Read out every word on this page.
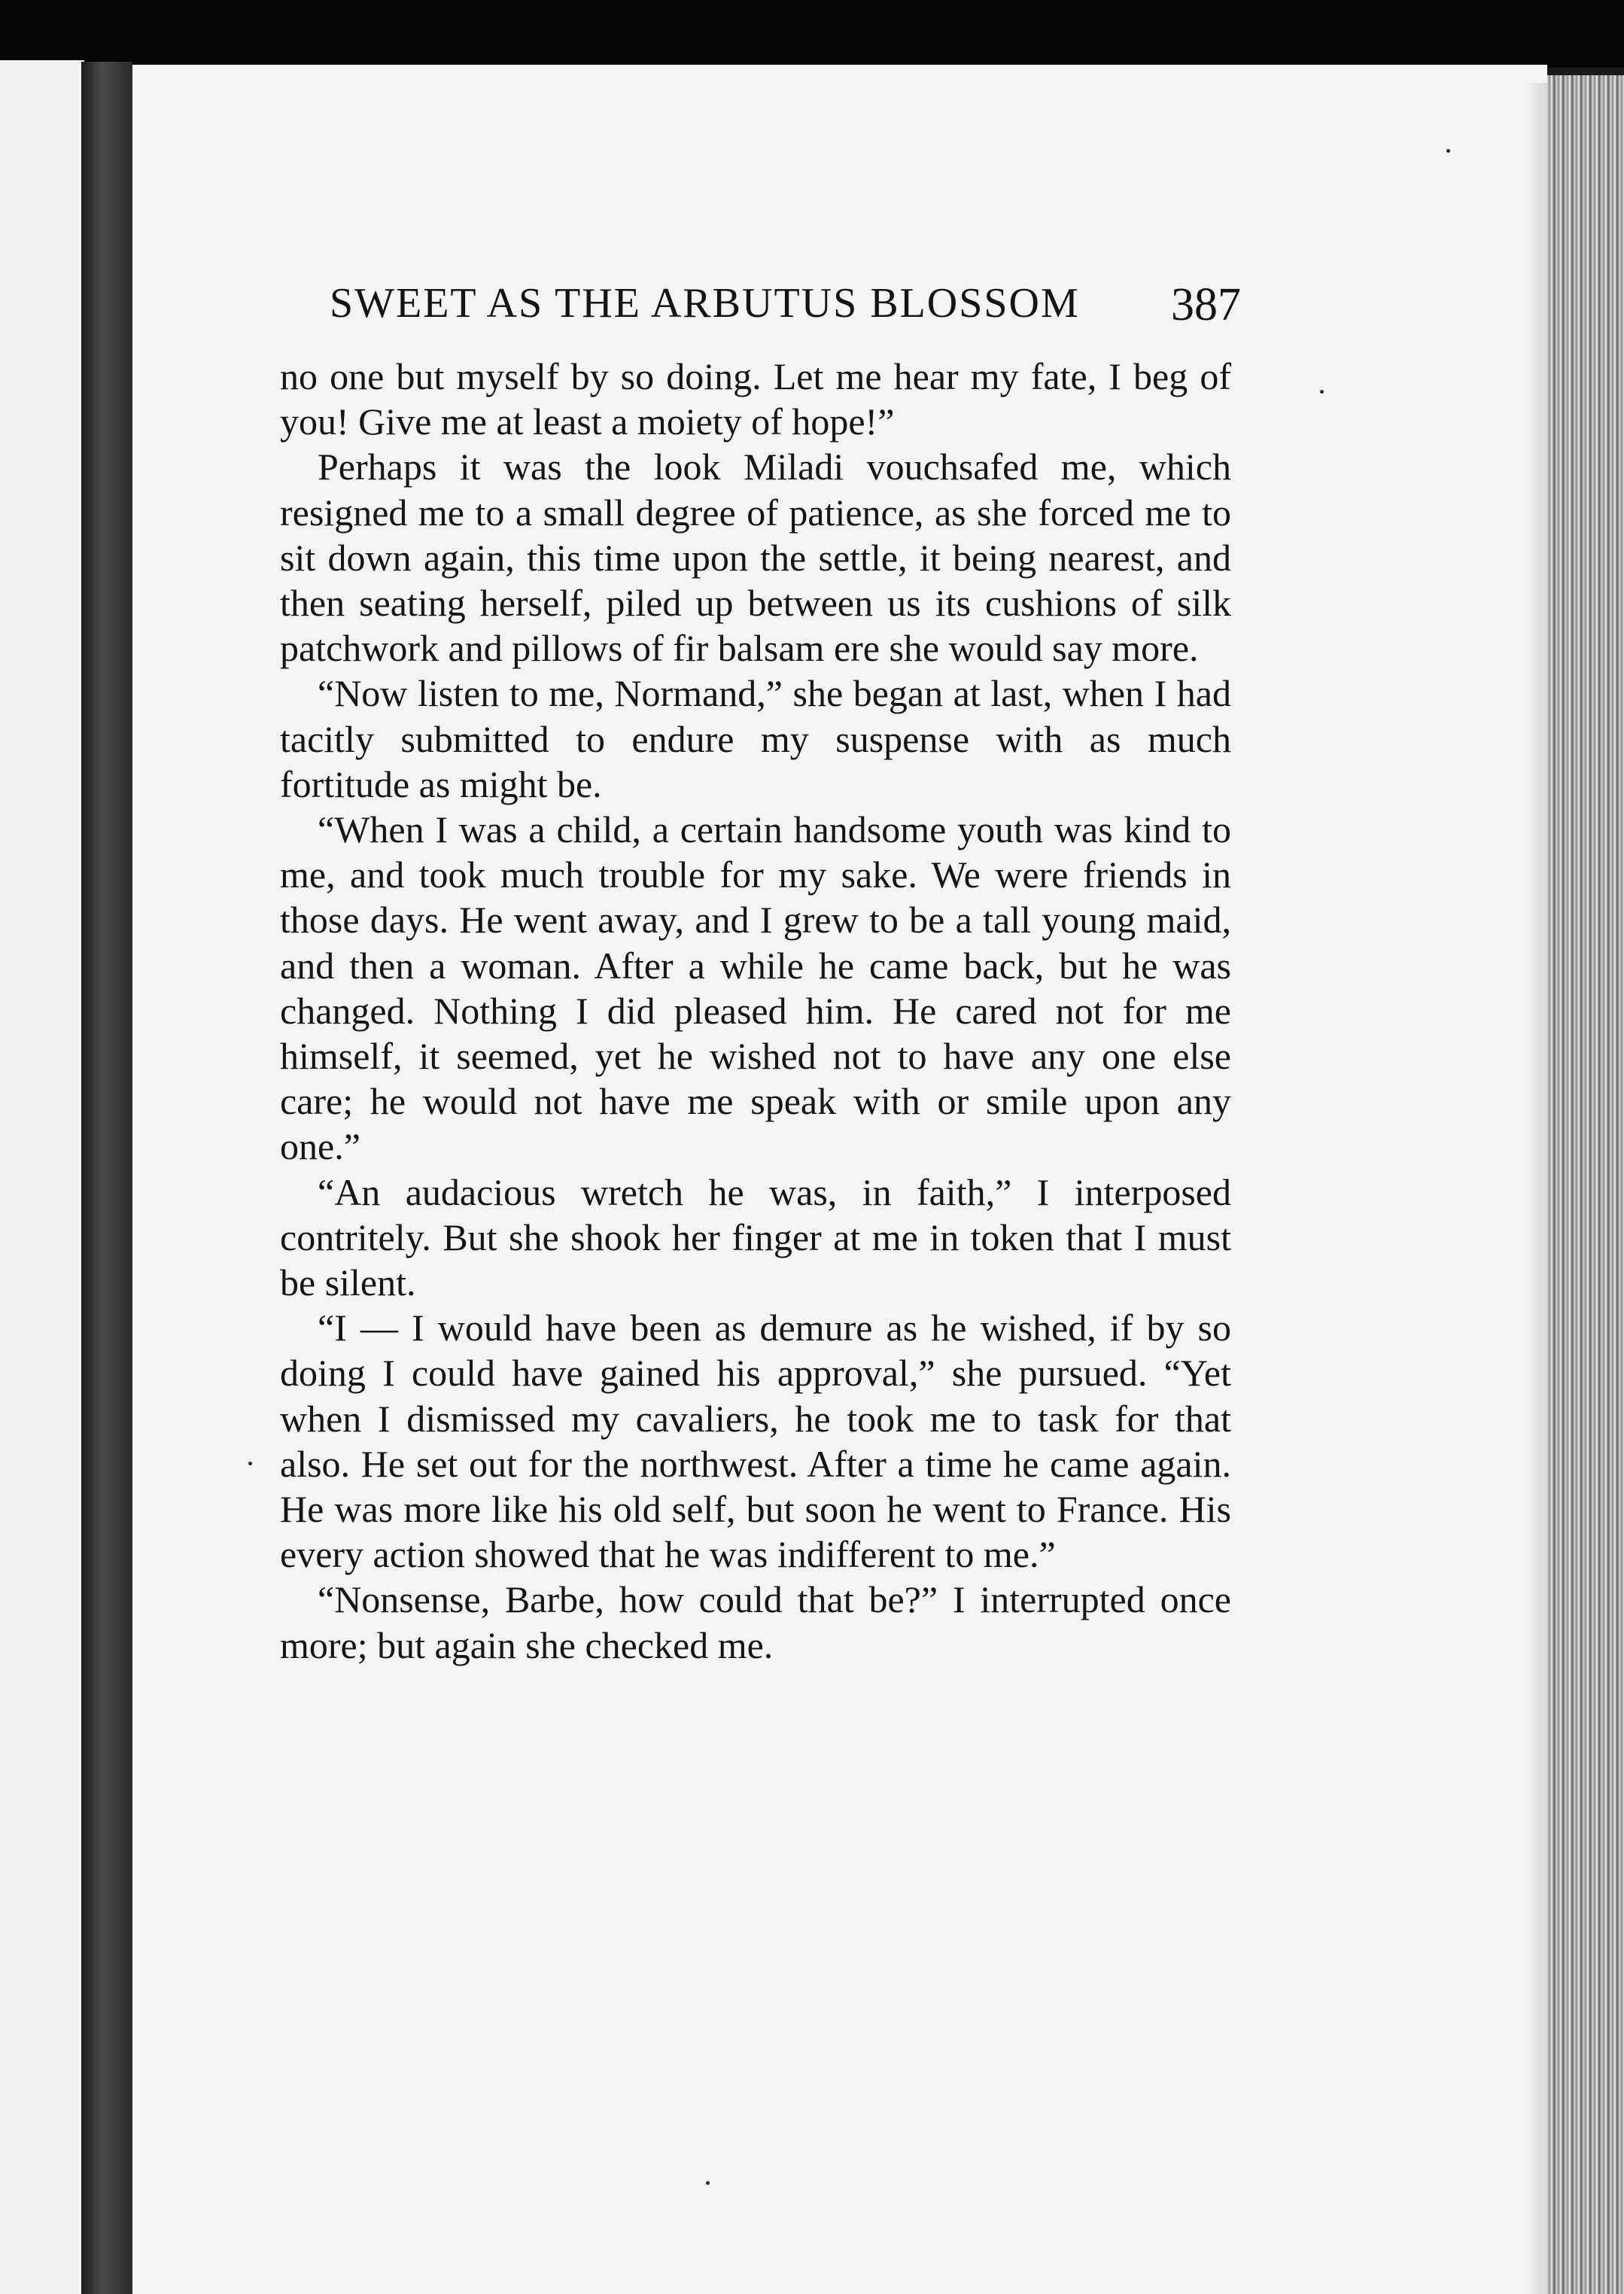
SWEET AS THE ARBUTUS BLOSSOM	387

no one but myself by so doing. Let me hear my fate, I beg of you! Give me at least a moiety of hope!”

Perhaps it was the look Miladi vouchsafed me, which resigned me to a small degree of patience, as she forced me to sit down again, this time upon the settle, it being nearest, and then seating herself, piled up between us its cushions of silk patchwork and pillows of fir balsam ere she would say more.

“Now listen to me, Normand,” she began at last, when I had tacitly submitted to endure my suspense with as much fortitude as might be.

“When I was a child, a certain handsome youth was kind to me, and took much trouble for my sake. We were friends in those days. He went away, and I grew to be a tall young maid, and then a woman. After a while he came back, but he was changed. Nothing I did pleased him. He cared not for me himself, it seemed, yet he wished not to have any one else care; he would not have me speak with or smile upon any one.”

“An audacious wretch he was, in faith,” I interposed contritely. But she shook her finger at me in token that I must be silent.

“I — I would have been as demure as he wished, if by so doing I could have gained his approval,” she pursued. “Yet when I dismissed my cavaliers, he took me to task for that also. He set out for the northwest. After a time he came again. He was more like his old self, but soon he went to France. His every action showed that he was indifferent to me.”

“Nonsense, Barbe, how could that be?” I interrupted once more; but again she checked me.
